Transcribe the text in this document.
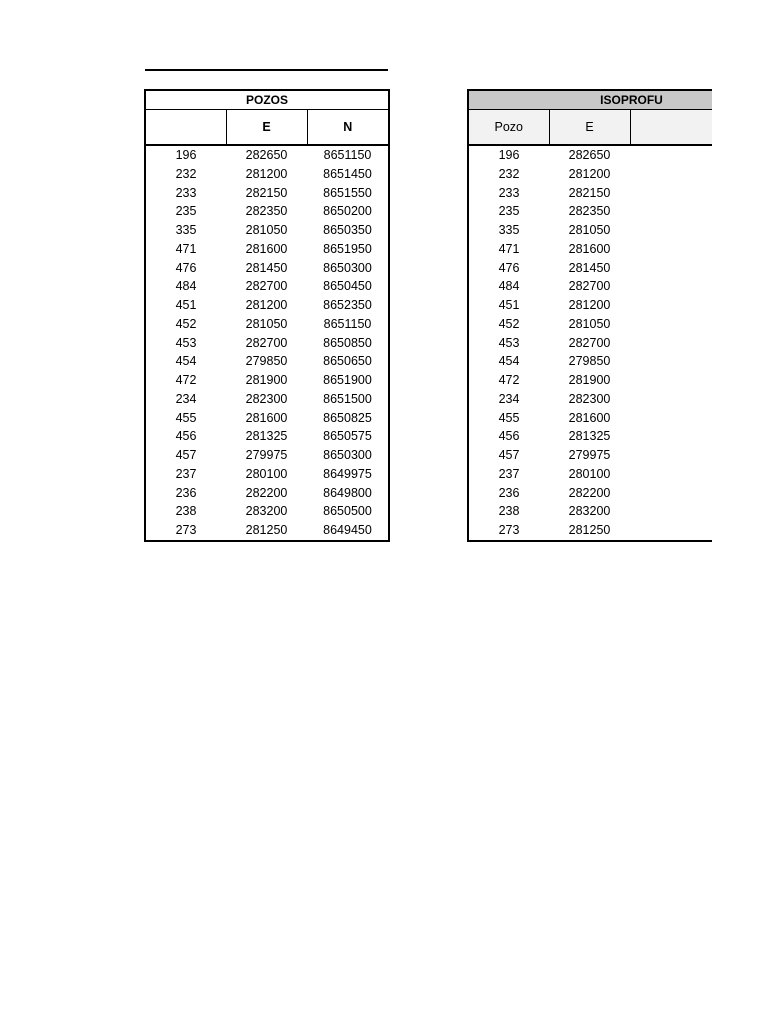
POZOS		
	E	N
196	282650	8651150
232	281200	8651450
233	282150	8651550
235	282350	8650200
335	281050	8650350
471	281600	8651950
476	281450	8650300
484	282700	8650450
451	281200	8652350
452	281050	8651150
453	282700	8650850
454	279850	8650650
472	281900	8651900
234	282300	8651500
455	281600	8650825
456	281325	8650575
457	279975	8650300
237	280100	8649975
236	282200	8649800
238	283200	8650500
273	281250	8649450
ISOPROFU		
Pozo	E	
196	282650	
232	281200	
233	282150	
235	282350	
335	281050	
471	281600	
476	281450	
484	282700	
451	281200	
452	281050	
453	282700	
454	279850	
472	281900	
234	282300	
455	281600	
456	281325	
457	279975	
237	280100	
236	282200	
238	283200	
273	281250	
